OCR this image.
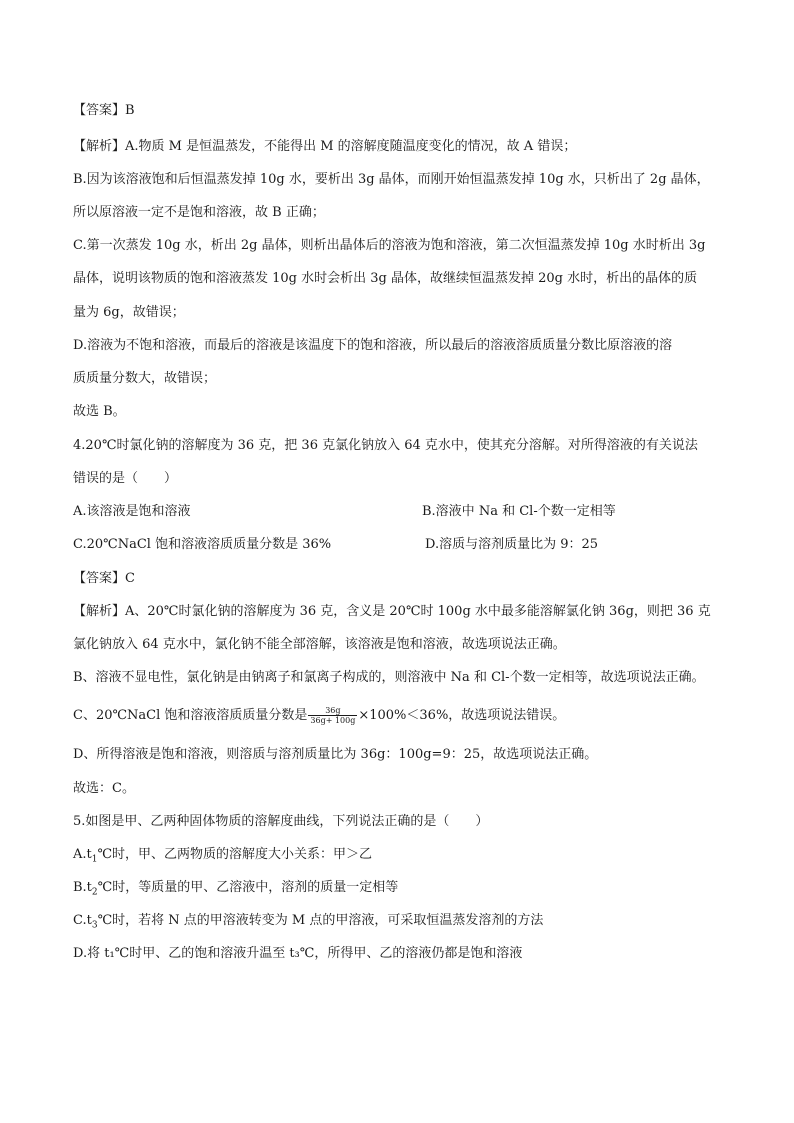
【答案】B
【解析】A.物质 M 是恒温蒸发，不能得出 M 的溶解度随温度变化的情况，故 A 错误；
B.因为该溶液饱和后恒温蒸发掉 10g 水，要析出 3g 晶体，而刚开始恒温蒸发掉 10g 水，只析出了 2g 晶体，
所以原溶液一定不是饱和溶液，故 B 正确；
C.第一次蒸发 10g 水，析出 2g 晶体，则析出晶体后的溶液为饱和溶液，第二次恒温蒸发掉 10g 水时析出 3g
晶体，说明该物质的饱和溶液蒸发 10g 水时会析出 3g 晶体，故继续恒温蒸发掉 20g 水时，析出的晶体的质
量为 6g，故错误；
D.溶液为不饱和溶液，而最后的溶液是该温度下的饱和溶液，所以最后的溶液溶质质量分数比原溶液的溶
质质量分数大，故错误；
故选 B。
4.20℃时氯化钠的溶解度为 36 克，把 36 克氯化钠放入 64 克水中，使其充分溶解。对所得溶液的有关说法
错误的是（　　）
A.该溶液是饱和溶液	B.溶液中 Na 和 Cl-个数一定相等
C.20℃NaCl 饱和溶液溶质质量分数是 36%	D.溶质与溶剂质量比为 9：25
【答案】C
【解析】A、20℃时氯化钠的溶解度为 36 克，含义是 20℃时 100g 水中最多能溶解氯化钠 36g，则把 36 克
氯化钠放入 64 克水中，氯化钠不能全部溶解，该溶液是饱和溶液，故选项说法正确。
B、溶液不显电性，氯化钠是由钠离子和氯离子构成的，则溶液中 Na 和 Cl-个数一定相等，故选项说法正确。
C、20℃NaCl 饱和溶液溶质质量分数是 $\frac{36g}{36g+ 100g} \times 100\%<36\%$，故选项说法错误。
D、所得溶液是饱和溶液，则溶质与溶剂质量比为 36g：100g=9：25，故选项说法正确。
故选：C。
5.如图是甲、乙两种固体物质的溶解度曲线，下列说法正确的是（　　）
$A.t_1℃$时，甲、乙两物质的溶解度大小关系：甲＞乙
$B.t_2℃$时，等质量的甲、乙溶液中，溶剂的质量一定相等
$C.t_3℃$时，若将 N 点的甲溶液转变为 M 点的甲溶液，可采取恒温蒸发溶剂的方法
D.将 t₁℃时甲、乙的饱和溶液升温至 t₃℃，所得甲、乙的溶液仍都是饱和溶液
